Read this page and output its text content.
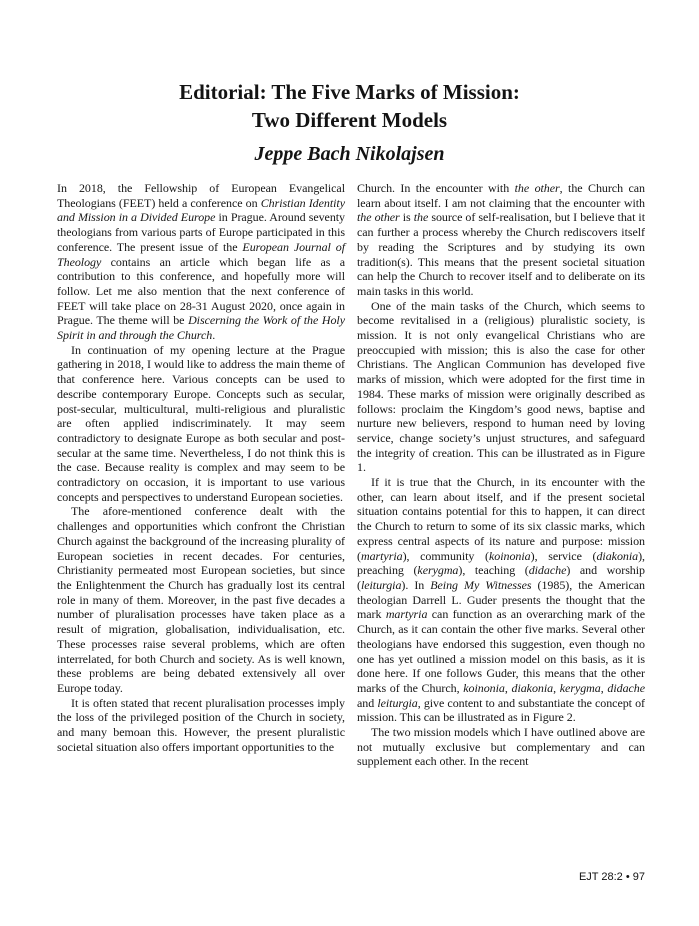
Editorial: The Five Marks of Mission:
Two Different Models
Jeppe Bach Nikolajsen

In 2018, the Fellowship of European Evangelical Theologians (FEET) held a conference on Christian Identity and Mission in a Divided Europe in Prague. Around seventy theologians from various parts of Europe participated in this conference. The present issue of the European Journal of Theology contains an article which began life as a contribution to this conference, and hopefully more will follow. Let me also mention that the next conference of FEET will take place on 28-31 August 2020, once again in Prague. The theme will be Discerning the Work of the Holy Spirit in and through the Church.

In continuation of my opening lecture at the Prague gathering in 2018, I would like to address the main theme of that conference here. Various concepts can be used to describe contemporary Europe. Concepts such as secular, post-secular, multicultural, multi-religious and pluralistic are often applied indiscriminately. It may seem contradictory to designate Europe as both secular and post-secular at the same time. Nevertheless, I do not think this is the case. Because reality is complex and may seem to be contradictory on occasion, it is important to use various concepts and perspectives to understand European societies.

The afore-mentioned conference dealt with the challenges and opportunities which confront the Christian Church against the background of the increasing plurality of European societies in recent decades. For centuries, Christianity permeated most European societies, but since the Enlightenment the Church has gradually lost its central role in many of them. Moreover, in the past five decades a number of pluralisation processes have taken place as a result of migration, globalisation, individualisation, etc. These processes raise several problems, which are often interrelated, for both Church and society. As is well known, these problems are being debated extensively all over Europe today.

It is often stated that recent pluralisation processes imply the loss of the privileged position of the Church in society, and many bemoan this. However, the present pluralistic societal situation also offers important opportunities to the

Church. In the encounter with the other, the Church can learn about itself. I am not claiming that the encounter with the other is the source of self-realisation, but I believe that it can further a process whereby the Church rediscovers itself by reading the Scriptures and by studying its own tradition(s). This means that the present societal situation can help the Church to recover itself and to deliberate on its main tasks in this world.

One of the main tasks of the Church, which seems to become revitalised in a (religious) pluralistic society, is mission. It is not only evangelical Christians who are preoccupied with mission; this is also the case for other Christians. The Anglican Communion has developed five marks of mission, which were adopted for the first time in 1984. These marks of mission were originally described as follows: proclaim the Kingdom’s good news, baptise and nurture new believers, respond to human need by loving service, change society’s unjust structures, and safeguard the integrity of creation. This can be illustrated as in Figure 1.

If it is true that the Church, in its encounter with the other, can learn about itself, and if the present societal situation contains potential for this to happen, it can direct the Church to return to some of its six classic marks, which express central aspects of its nature and purpose: mission (martyria), community (koinonia), service (diakonia), preaching (kerygma), teaching (didache) and worship (leiturgia). In Being My Witnesses (1985), the American theologian Darrell L. Guder presents the thought that the mark martyria can function as an overarching mark of the Church, as it can contain the other five marks. Several other theologians have endorsed this suggestion, even though no one has yet outlined a mission model on this basis, as it is done here. If one follows Guder, this means that the other marks of the Church, koinonia, diakonia, kerygma, didache and leiturgia, give content to and substantiate the concept of mission. This can be illustrated as in Figure 2.

The two mission models which I have outlined above are not mutually exclusive but complementary and can supplement each other. In the recent

EJT 28:2 • 97
